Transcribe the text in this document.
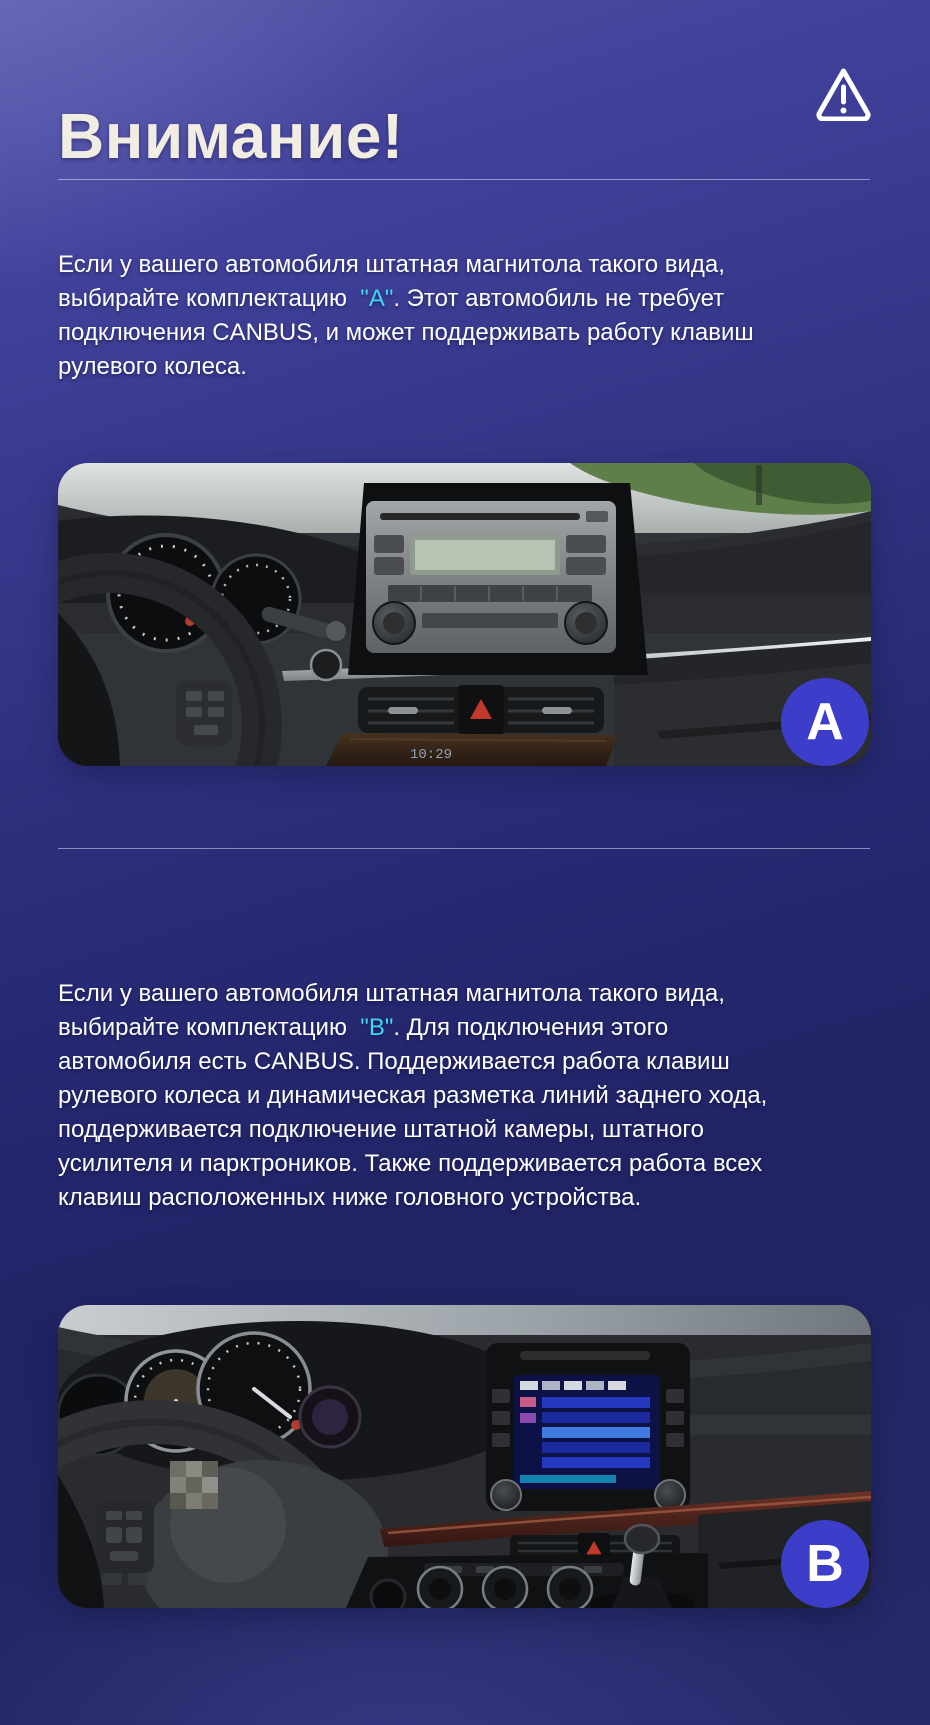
Внимание!

Если у вашего автомобиля штатная магнитола такого вида, выбирайте комплектацию  "А". Этот автомобиль не требует подключения CANBUS, и может поддерживать работу клавиш рулевого колеса.

10:29
A

Если у вашего автомобиля штатная магнитола такого вида, выбирайте комплектацию  "B". Для подключения этого автомобиля есть CANBUS. Поддерживается работа клавиш рулевого колеса и динамическая разметка линий заднего хода, поддерживается подключение штатной камеры, штатного усилителя и парктроников. Также поддерживается работа всех клавиш расположенных ниже головного устройства.

B
